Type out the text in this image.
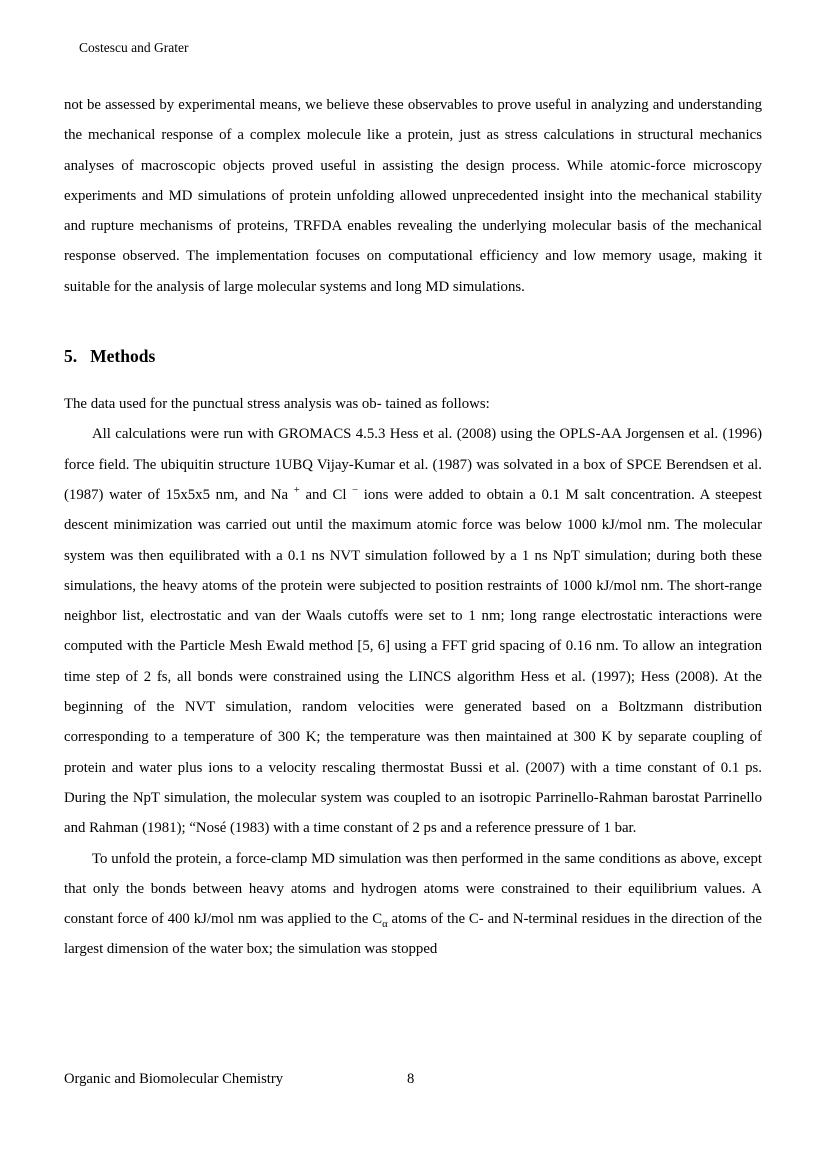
Costescu and Grater

not be assessed by experimental means, we believe these observables to prove useful in analyzing and understanding the mechanical response of a complex molecule like a protein, just as stress calculations in structural mechanics analyses of macroscopic objects proved useful in assisting the design process. While atomic-force microscopy experiments and MD simulations of protein unfolding allowed unprecedented insight into the mechanical stability and rupture mechanisms of proteins, TRFDA enables revealing the underlying molecular basis of the mechanical response observed. The implementation focuses on computational efficiency and low memory usage, making it suitable for the analysis of large molecular systems and long MD simulations.

5. Methods

The data used for the punctual stress analysis was ob- tained as follows:

All calculations were run with GROMACS 4.5.3 Hess et al. (2008) using the OPLS-AA Jorgensen et al. (1996) force field. The ubiquitin structure 1UBQ Vijay-Kumar et al. (1987) was solvated in a box of SPCE Berendsen et al. (1987) water of 15x5x5 nm, and Na + and Cl − ions were added to obtain a 0.1 M salt concentration. A steepest descent minimization was carried out until the maximum atomic force was below 1000 kJ/mol nm. The molecular system was then equilibrated with a 0.1 ns NVT simulation followed by a 1 ns NpT simulation; during both these simulations, the heavy atoms of the protein were subjected to position restraints of 1000 kJ/mol nm. The short-range neighbor list, electrostatic and van der Waals cutoffs were set to 1 nm; long range electrostatic interactions were computed with the Particle Mesh Ewald method [5, 6] using a FFT grid spacing of 0.16 nm. To allow an integration time step of 2 fs, all bonds were constrained using the LINCS algorithm Hess et al. (1997); Hess (2008). At the beginning of the NVT simulation, random velocities were generated based on a Boltzmann distribution corresponding to a temperature of 300 K; the temperature was then maintained at 300 K by separate coupling of protein and water plus ions to a velocity rescaling thermostat Bussi et al. (2007) with a time constant of 0.1 ps. During the NpT simulation, the molecular system was coupled to an isotropic Parrinello-Rahman barostat Parrinello and Rahman (1981); “Nosé (1983) with a time constant of 2 ps and a reference pressure of 1 bar.

To unfold the protein, a force-clamp MD simulation was then performed in the same conditions as above, except that only the bonds between heavy atoms and hydrogen atoms were constrained to their equilibrium values. A constant force of 400 kJ/mol nm was applied to the $C_\alpha$ atoms of the C- and N-terminal residues in the direction of the largest dimension of the water box; the simulation was stopped

Organic and Biomolecular Chemistry	8
